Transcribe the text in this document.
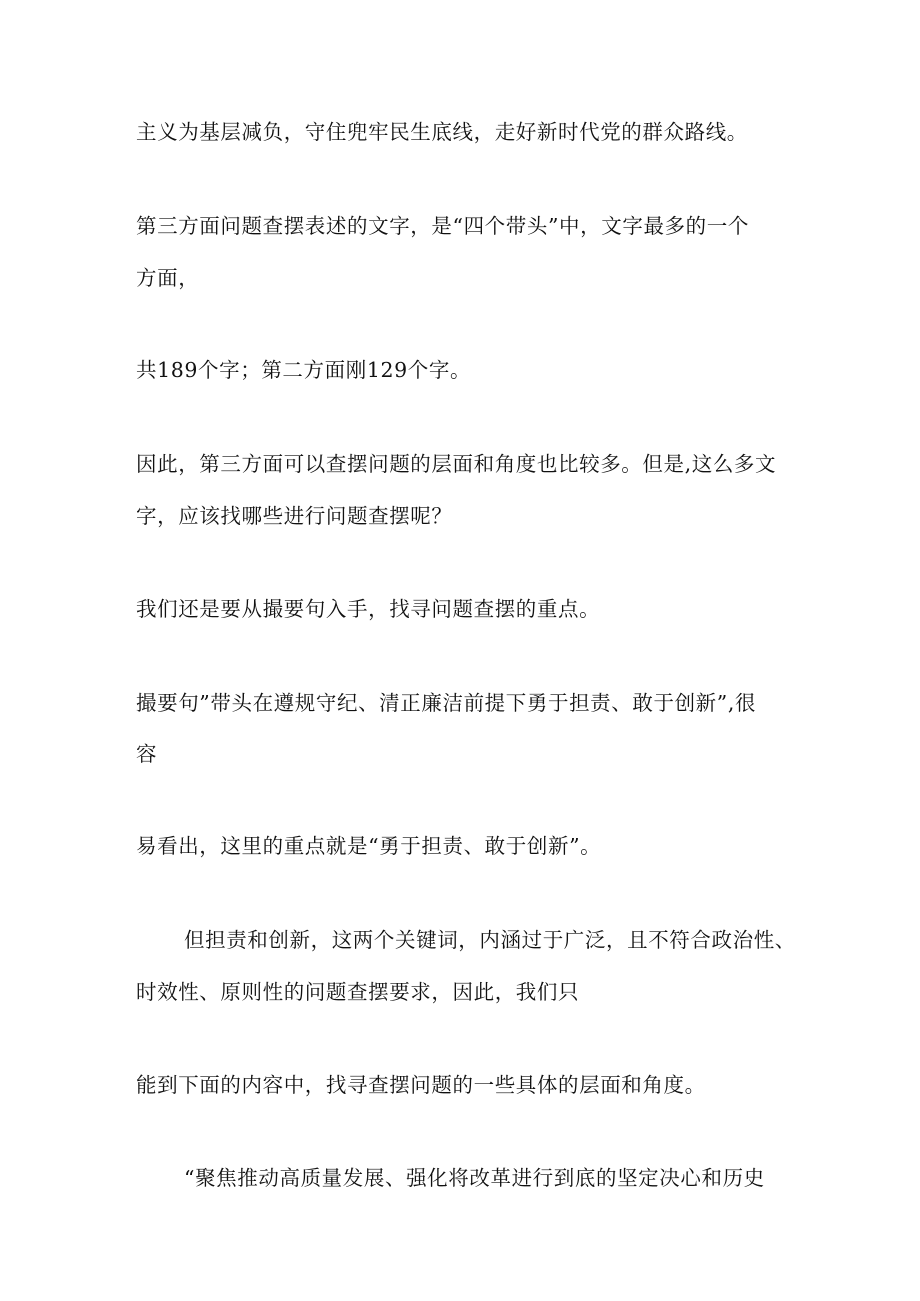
主义为基层减负，守住兜牢民生底线，走好新时代党的群众路线。

第三方面问题查摆表述的文字，是“四个带头”中，文字最多的一个

方面，

共189个字；第二方面刚129个字。

因此，第三方面可以查摆问题的层面和角度也比较多。但是,这么多文

字，应该找哪些进行问题查摆呢？

我们还是要从撮要句入手，找寻问题查摆的重点。

撮要句”带头在遵规守纪、清正廉洁前提下勇于担责、敢于创新”,很

容

易看出，这里的重点就是“勇于担责、敢于创新”。

但担责和创新，这两个关键词，内涵过于广泛，且不符合政治性、

时效性、原则性的问题查摆要求，因此，我们只

能到下面的内容中，找寻查摆问题的一些具体的层面和角度。

“聚焦推动高质量发展、强化将改革进行到底的坚定决心和历史
